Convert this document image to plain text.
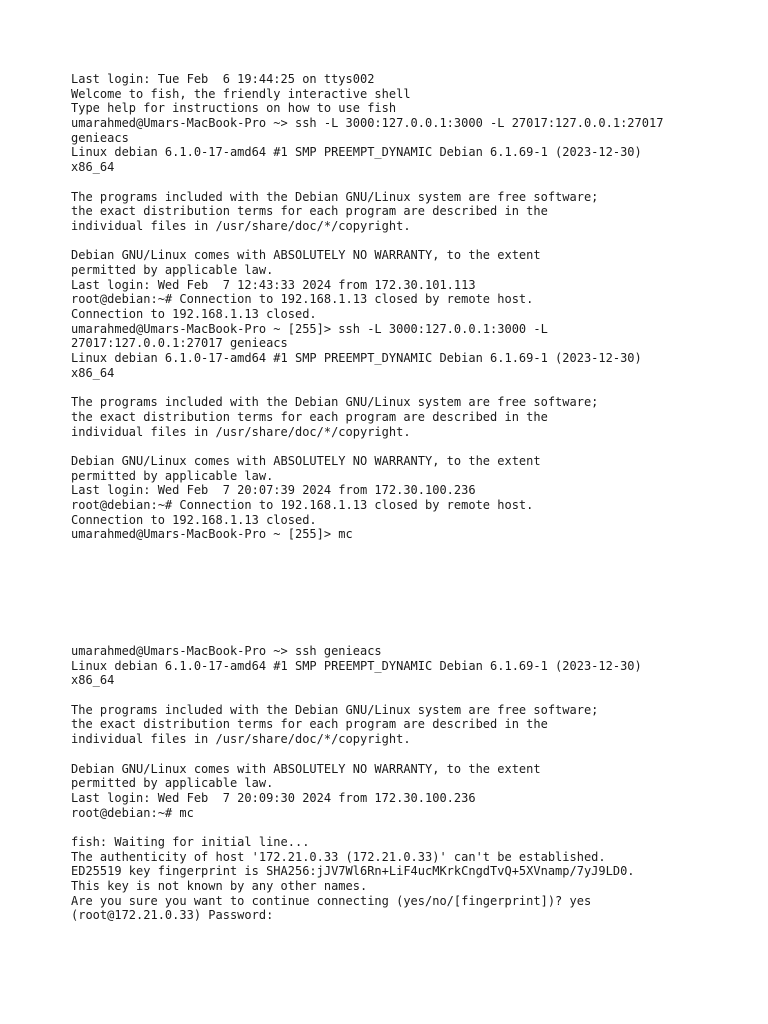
Last login: Tue Feb  6 19:44:25 on ttys002
Welcome to fish, the friendly interactive shell
Type help for instructions on how to use fish
umarahmed@Umars-MacBook-Pro ~> ssh -L 3000:127.0.0.1:3000 -L 27017:127.0.0.1:27017
genieacs
Linux debian 6.1.0-17-amd64 #1 SMP PREEMPT_DYNAMIC Debian 6.1.69-1 (2023-12-30)
x86_64
The programs included with the Debian GNU/Linux system are free software;
the exact distribution terms for each program are described in the
individual files in /usr/share/doc/*/copyright.
Debian GNU/Linux comes with ABSOLUTELY NO WARRANTY, to the extent
permitted by applicable law.
Last login: Wed Feb  7 12:43:33 2024 from 172.30.101.113
root@debian:~# Connection to 192.168.1.13 closed by remote host.
Connection to 192.168.1.13 closed.
umarahmed@Umars-MacBook-Pro ~ [255]> ssh -L 3000:127.0.0.1:3000 -L
27017:127.0.0.1:27017 genieacs
Linux debian 6.1.0-17-amd64 #1 SMP PREEMPT_DYNAMIC Debian 6.1.69-1 (2023-12-30)
x86_64
The programs included with the Debian GNU/Linux system are free software;
the exact distribution terms for each program are described in the
individual files in /usr/share/doc/*/copyright.
Debian GNU/Linux comes with ABSOLUTELY NO WARRANTY, to the extent
permitted by applicable law.
Last login: Wed Feb  7 20:07:39 2024 from 172.30.100.236
root@debian:~# Connection to 192.168.1.13 closed by remote host.
Connection to 192.168.1.13 closed.
umarahmed@Umars-MacBook-Pro ~ [255]> mc
umarahmed@Umars-MacBook-Pro ~> ssh genieacs
Linux debian 6.1.0-17-amd64 #1 SMP PREEMPT_DYNAMIC Debian 6.1.69-1 (2023-12-30)
x86_64
The programs included with the Debian GNU/Linux system are free software;
the exact distribution terms for each program are described in the
individual files in /usr/share/doc/*/copyright.
Debian GNU/Linux comes with ABSOLUTELY NO WARRANTY, to the extent
permitted by applicable law.
Last login: Wed Feb  7 20:09:30 2024 from 172.30.100.236
root@debian:~# mc
fish: Waiting for initial line...
The authenticity of host '172.21.0.33 (172.21.0.33)' can't be established.
ED25519 key fingerprint is SHA256:jJV7Wl6Rn+LiF4ucMKrkCngdTvQ+5XVnamp/7yJ9LD0.
This key is not known by any other names.
Are you sure you want to continue connecting (yes/no/[fingerprint])? yes
(root@172.21.0.33) Password:
